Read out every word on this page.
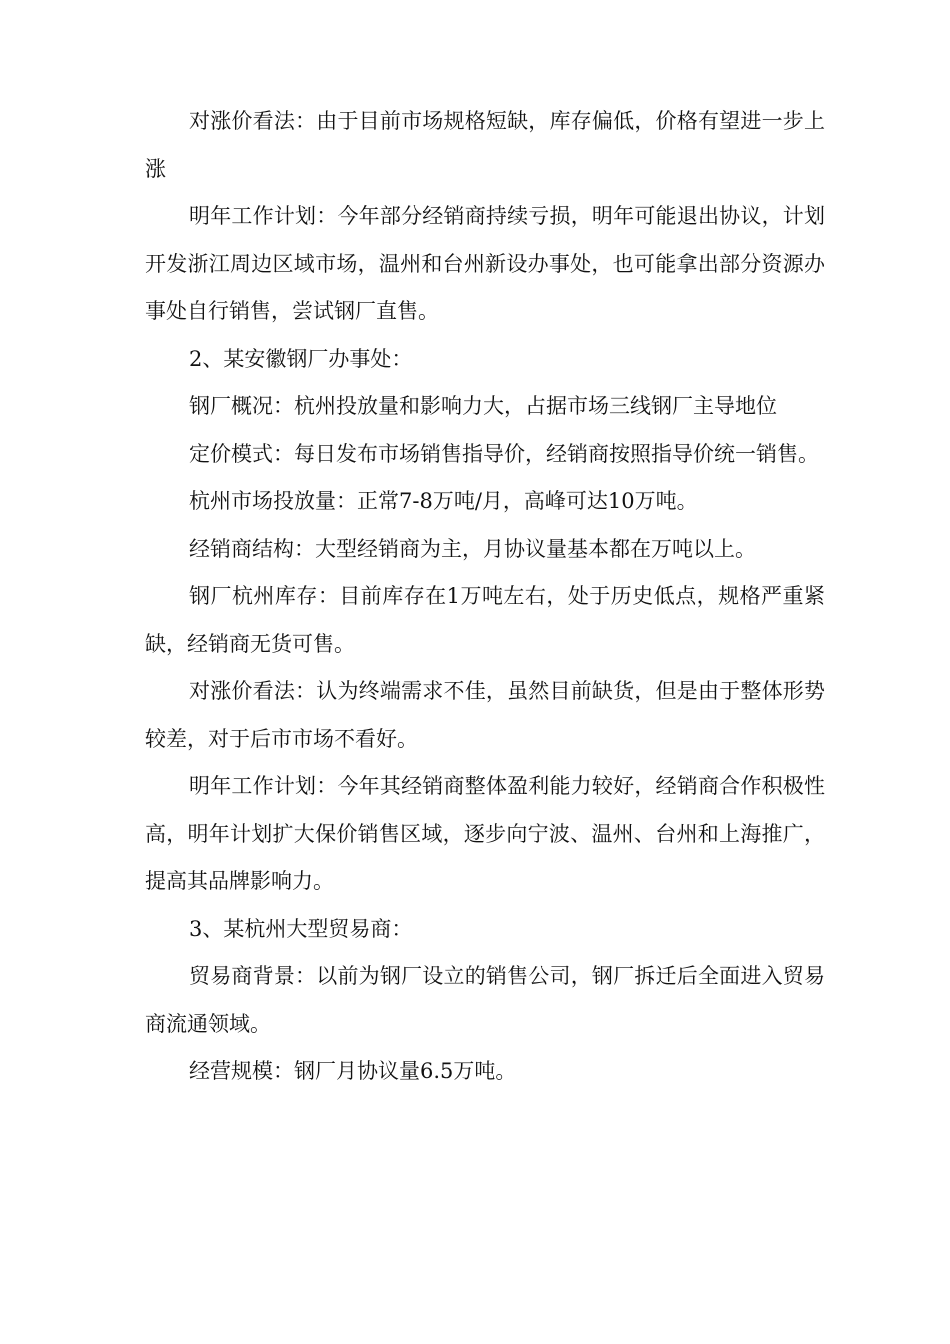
对涨价看法：由于目前市场规格短缺，库存偏低，价格有望进一步上涨

明年工作计划：今年部分经销商持续亏损，明年可能退出协议，计划开发浙江周边区域市场，温州和台州新设办事处，也可能拿出部分资源办事处自行销售，尝试钢厂直售。

2、某安徽钢厂办事处：

钢厂概况：杭州投放量和影响力大，占据市场三线钢厂主导地位

定价模式：每日发布市场销售指导价，经销商按照指导价统一销售。

杭州市场投放量：正常7-8万吨/月，高峰可达10万吨。

经销商结构：大型经销商为主，月协议量基本都在万吨以上。

钢厂杭州库存：目前库存在1万吨左右，处于历史低点，规格严重紧缺，经销商无货可售。

对涨价看法：认为终端需求不佳，虽然目前缺货，但是由于整体形势较差，对于后市市场不看好。

明年工作计划：今年其经销商整体盈利能力较好，经销商合作积极性高，明年计划扩大保价销售区域，逐步向宁波、温州、台州和上海推广，提高其品牌影响力。

3、某杭州大型贸易商：

贸易商背景：以前为钢厂设立的销售公司，钢厂拆迁后全面进入贸易商流通领域。

经营规模：钢厂月协议量6.5万吨。
